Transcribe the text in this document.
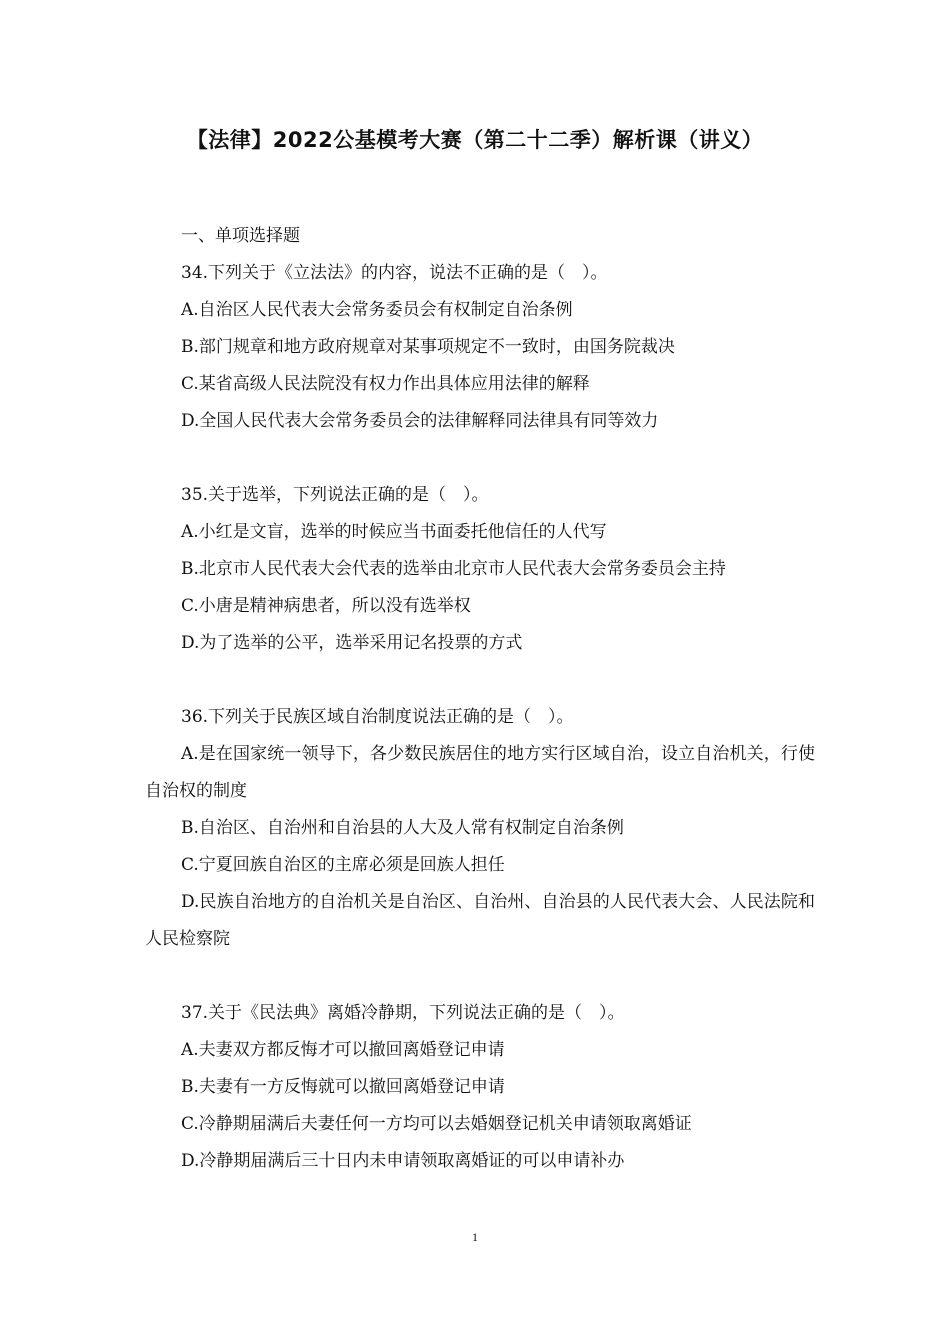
【法律】2022公基模考大赛（第二十二季）解析课（讲义）

一、单项选择题

34.下列关于《立法法》的内容，说法不正确的是（　）。

A.自治区人民代表大会常务委员会有权制定自治条例

B.部门规章和地方政府规章对某事项规定不一致时，由国务院裁决

C.某省高级人民法院没有权力作出具体应用法律的解释

D.全国人民代表大会常务委员会的法律解释同法律具有同等效力

35.关于选举，下列说法正确的是（　）。

A.小红是文盲，选举的时候应当书面委托他信任的人代写

B.北京市人民代表大会代表的选举由北京市人民代表大会常务委员会主持

C.小唐是精神病患者，所以没有选举权

D.为了选举的公平，选举采用记名投票的方式

36.下列关于民族区域自治制度说法正确的是（　）。

A.是在国家统一领导下，各少数民族居住的地方实行区域自治，设立自治机关，行使自治权的制度

B.自治区、自治州和自治县的人大及人常有权制定自治条例

C.宁夏回族自治区的主席必须是回族人担任

D.民族自治地方的自治机关是自治区、自治州、自治县的人民代表大会、人民法院和人民检察院

37.关于《民法典》离婚冷静期，下列说法正确的是（　）。

A.夫妻双方都反悔才可以撤回离婚登记申请

B.夫妻有一方反悔就可以撤回离婚登记申请

C.冷静期届满后夫妻任何一方均可以去婚姻登记机关申请领取离婚证

D.冷静期届满后三十日内未申请领取离婚证的可以申请补办

1
